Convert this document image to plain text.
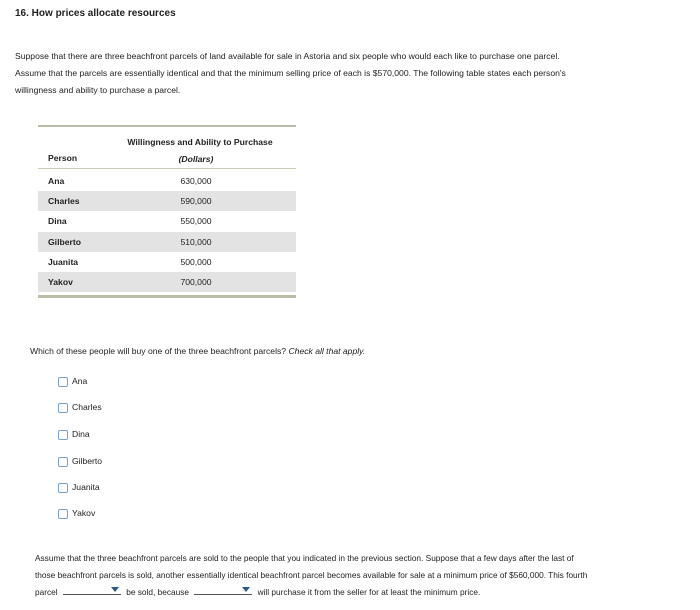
16. How prices allocate resources
Suppose that there are three beachfront parcels of land available for sale in Astoria and six people who would each like to purchase one parcel.
Assume that the parcels are essentially identical and that the minimum selling price of each is $570,000. The following table states each person's
willingness and ability to purchase a parcel.
Willingness and Ability to Purchase
Person	(Dollars)
Ana	630,000
Charles	590,000
Dina	550,000
Gilberto	510,000
Juanita	500,000
Yakov	700,000
Which of these people will buy one of the three beachfront parcels? Check all that apply.
Ana
Charles
Dina
Gilberto
Juanita
Yakov
Assume that the three beachfront parcels are sold to the people that you indicated in the previous section. Suppose that a few days after the last of
those beachfront parcels is sold, another essentially identical beachfront parcel becomes available for sale at a minimum price of $560,000. This fourth
parcel	be sold, because	will purchase it from the seller for at least the minimum price.
